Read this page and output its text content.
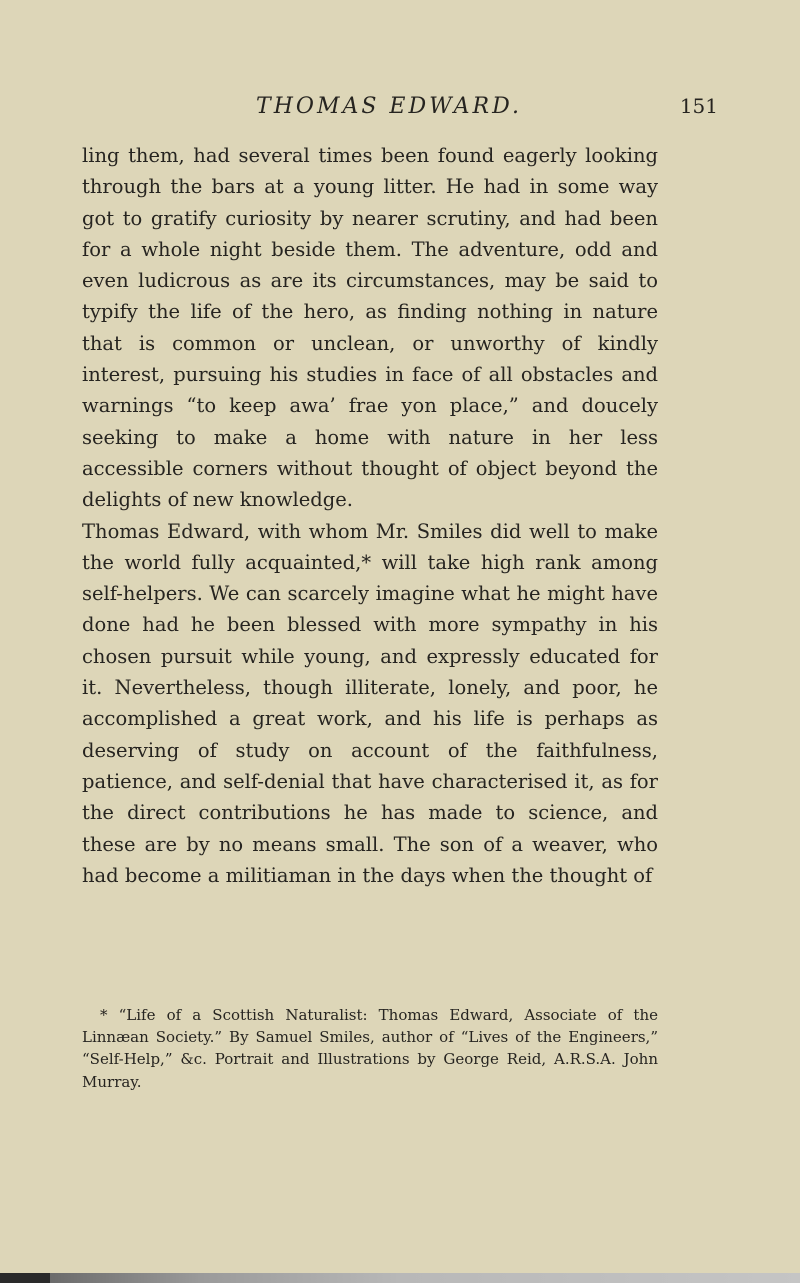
THOMAS EDWARD.	151

ling them, had several times been found eagerly looking through the bars at a young litter. He had in some way got to gratify curiosity by nearer scrutiny, and had been for a whole night beside them. The adventure, odd and even ludicrous as are its circumstances, may be said to typify the life of the hero, as finding nothing in nature that is common or unclean, or unworthy of kindly interest, pursuing his studies in face of all obstacles and warnings “to keep awa’ frae yon place,” and doucely seeking to make a home with nature in her less accessible corners without thought of object beyond the delights of new knowledge.

Thomas Edward, with whom Mr. Smiles did well to make the world fully acquainted,* will take high rank among self-helpers. We can scarcely imagine what he might have done had he been blessed with more sympathy in his chosen pursuit while young, and expressly educated for it. Nevertheless, though illiterate, lonely, and poor, he accomplished a great work, and his life is perhaps as deserving of study on account of the faithfulness, patience, and self-denial that have characterised it, as for the direct contributions he has made to science, and these are by no means small. The son of a weaver, who had become a militiaman in the days when the thought of

* “Life of a Scottish Naturalist: Thomas Edward, Associate of the Linnæan Society.” By Samuel Smiles, author of “Lives of the Engineers,” “Self-Help,” &c. Portrait and Illustrations by George Reid, A.R.S.A. John Murray.
